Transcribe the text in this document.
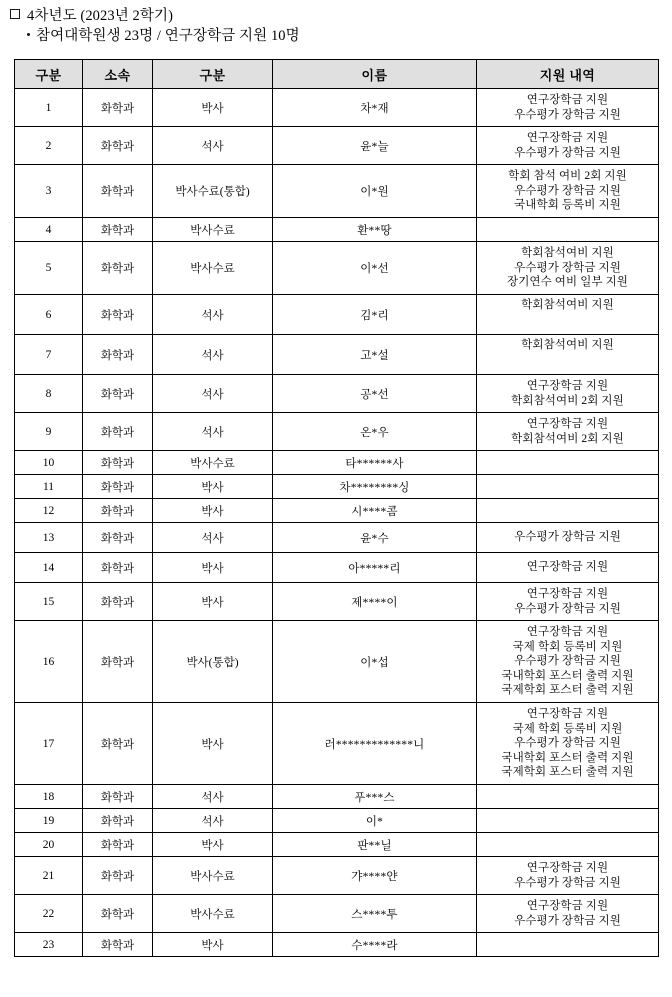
4차년도 (2023년 2학기)
참여대학원생 23명 / 연구장학금 지원 10명
구분	소속	구분	이름	지원 내역
1	화학과	박사	차*재	연구장학금 지원
우수평가 장학금 지원

2	화학과	석사	윤*늘	연구장학금 지원
우수평가 장학금 지원

3	화학과	박사수료(통합)	이*원	학회 참석 여비 2회 지원
우수평가 장학금 지원
국내학회 등록비 지원

4	화학과	박사수료	환**땅	
5	화학과	박사수료	이*선	학회참석여비 지원
우수평가 장학금 지원
장기연수 여비 일부 지원

6	화학과	석사	김*리	학회참석여비 지원

7	화학과	석사	고*설	학회참석여비 지원

8	화학과	석사	공*선	연구장학금 지원
학회참석여비 2회 지원

9	화학과	석사	온*우	연구장학금 지원
학회참석여비 2회 지원

10	화학과	박사수료	타******사	
11	화학과	박사	차********싱	
12	화학과	박사	시****콤	
13	화학과	석사	윤*수	우수평가 장학금 지원

14	화학과	박사	아*****리	연구장학금 지원

15	화학과	박사	제****이	연구장학금 지원
우수평가 장학금 지원

16	화학과	박사(통합)	이*섭	연구장학금 지원
국제 학회 등록비 지원
우수평가 장학금 지원
국내학회 포스터 출력 지원
국제학회 포스터 출력 지원

17	화학과	박사	러*************니	연구장학금 지원
국제 학회 등록비 지원
우수평가 장학금 지원
국내학회 포스터 출력 지원
국제학회 포스터 출력 지원

18	화학과	석사	푸***스	
19	화학과	석사	이*	
20	화학과	박사	판**닐	
21	화학과	박사수료	갸****얀	연구장학금 지원
우수평가 장학금 지원

22	화학과	박사수료	스****투	연구장학금 지원
우수평가 장학금 지원

23	화학과	박사	수****라	
